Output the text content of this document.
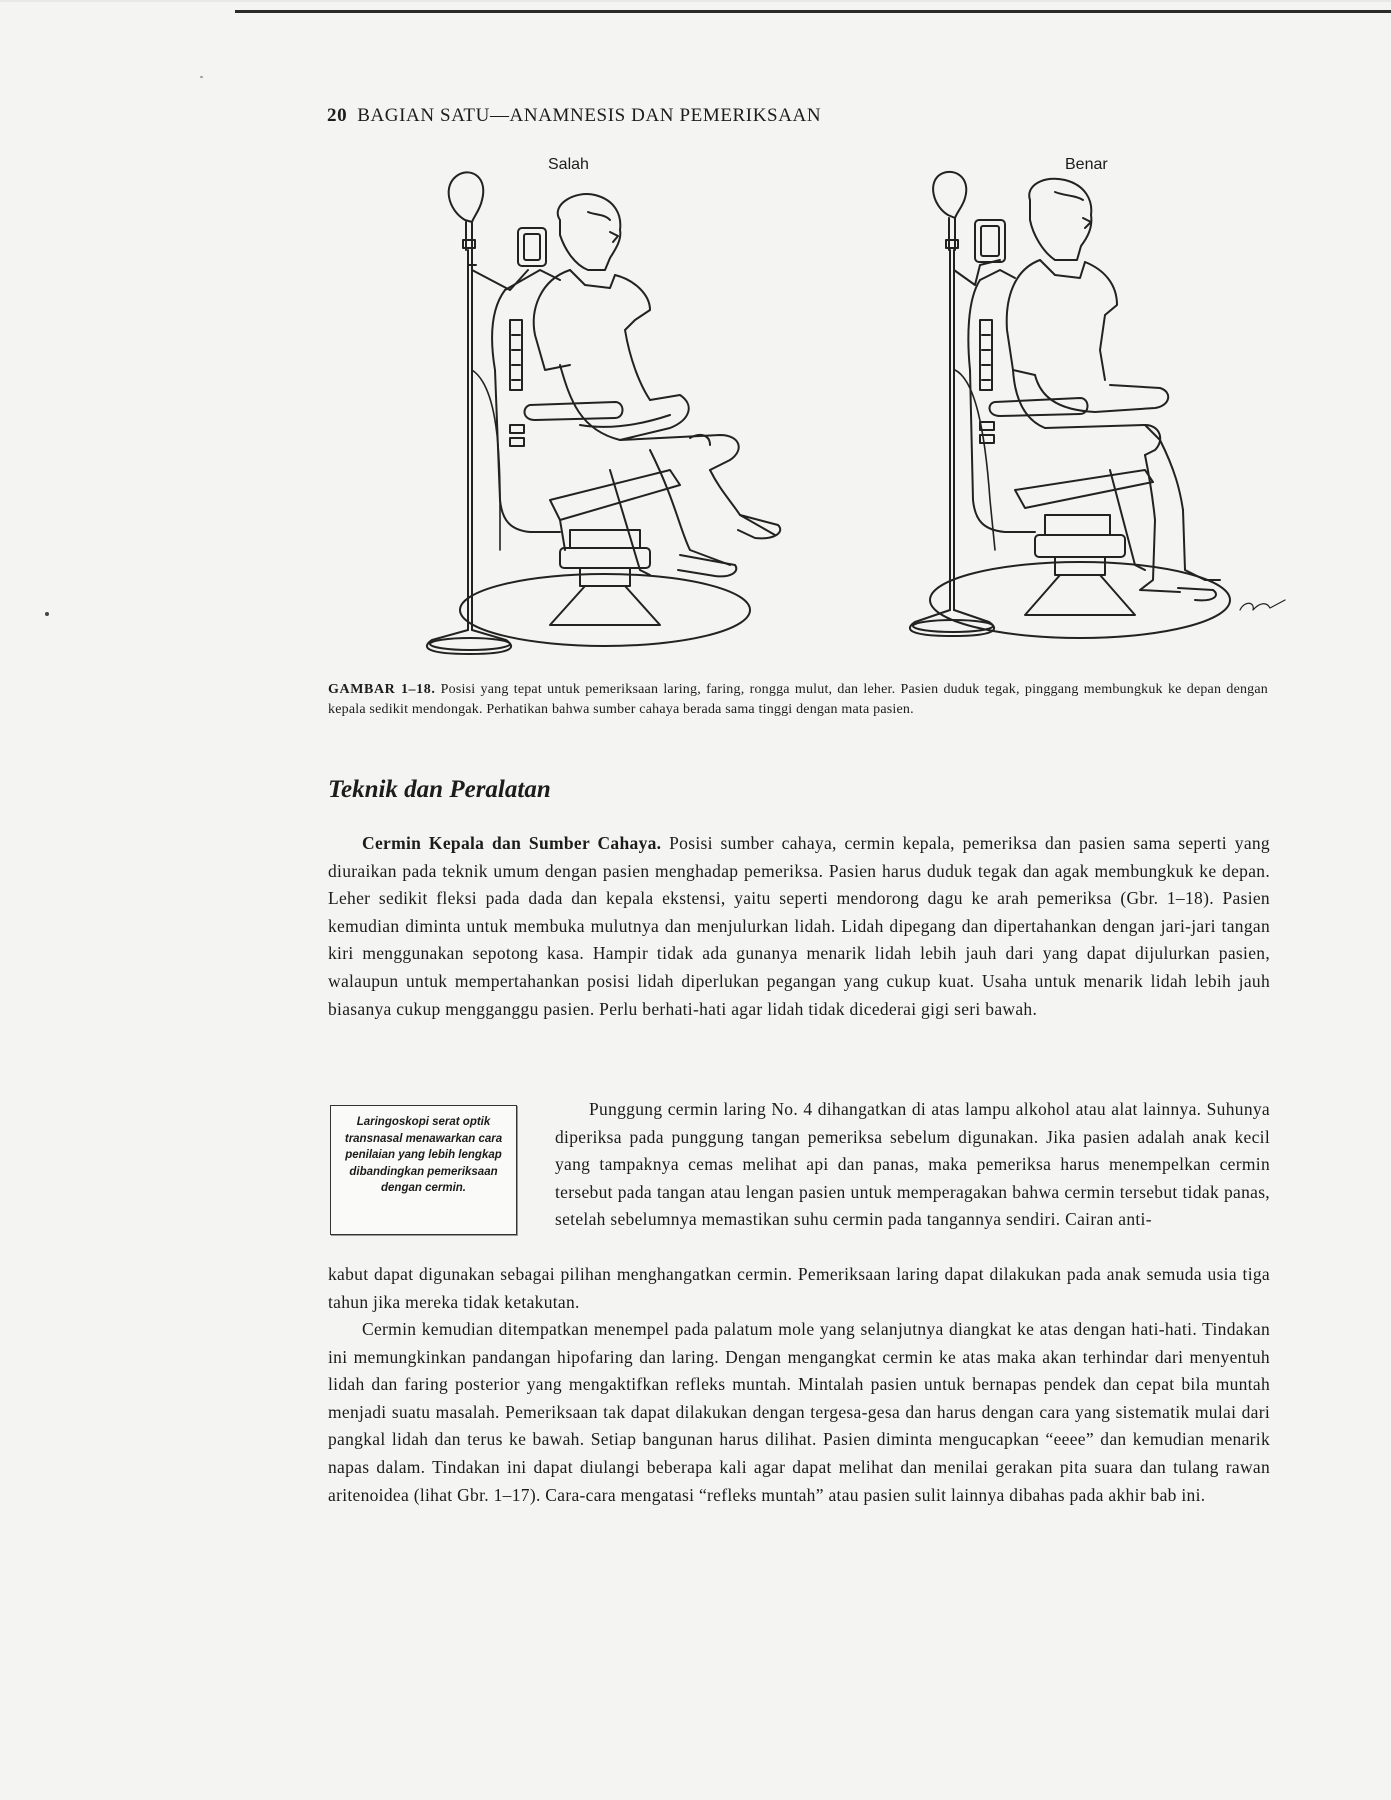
20 BAGIAN SATU—ANAMNESIS DAN PEMERIKSAAN
Salah	Benar
GAMBAR 1–18. Posisi yang tepat untuk pemeriksaan laring, faring, rongga mulut, dan leher. Pasien duduk tegak, pinggang membungkuk ke depan dengan kepala sedikit mendongak. Perhatikan bahwa sumber cahaya berada sama tinggi dengan mata pasien.
Teknik dan Peralatan

Cermin Kepala dan Sumber Cahaya. Posisi sumber cahaya, cermin kepala, pemeriksa dan pasien sama seperti yang diuraikan pada teknik umum dengan pasien menghadap pemeriksa. Pasien harus duduk tegak dan agak membungkuk ke depan. Leher sedikit fleksi pada dada dan kepala ekstensi, yaitu seperti mendorong dagu ke arah pemeriksa (Gbr. 1–18). Pasien kemudian diminta untuk membuka mulutnya dan menjulurkan lidah. Lidah dipegang dan dipertahankan dengan jari-jari tangan kiri menggunakan sepotong kasa. Hampir tidak ada gunanya menarik lidah lebih jauh dari yang dapat dijulurkan pasien, walaupun untuk mempertahankan posisi lidah diperlukan pegangan yang cukup kuat. Usaha untuk menarik lidah lebih jauh biasanya cukup mengganggu pasien. Perlu berhati-hati agar lidah tidak dicederai gigi seri bawah.

Laringoskopi serat optik transnasal menawarkan cara penilaian yang lebih lengkap dibandingkan pemeriksaan dengan cermin.

Punggung cermin laring No. 4 dihangatkan di atas lampu alkohol atau alat lainnya. Suhunya diperiksa pada punggung tangan pemeriksa sebelum digunakan. Jika pasien adalah anak kecil yang tampaknya cemas melihat api dan panas, maka pemeriksa harus menempelkan cermin tersebut pada tangan atau lengan pasien untuk memperagakan bahwa cermin tersebut tidak panas, setelah sebelumnya memastikan suhu cermin pada tangannya sendiri. Cairan anti-

kabut dapat digunakan sebagai pilihan menghangatkan cermin. Pemeriksaan laring dapat dilakukan pada anak semuda usia tiga tahun jika mereka tidak ketakutan.

Cermin kemudian ditempatkan menempel pada palatum mole yang selanjutnya diangkat ke atas dengan hati-hati. Tindakan ini memungkinkan pandangan hipofaring dan laring. Dengan mengangkat cermin ke atas maka akan terhindar dari menyentuh lidah dan faring posterior yang mengaktifkan refleks muntah. Mintalah pasien untuk bernapas pendek dan cepat bila muntah menjadi suatu masalah. Pemeriksaan tak dapat dilakukan dengan tergesa-gesa dan harus dengan cara yang sistematik mulai dari pangkal lidah dan terus ke bawah. Setiap bangunan harus dilihat. Pasien diminta mengucapkan “eeee” dan kemudian menarik napas dalam. Tindakan ini dapat diulangi beberapa kali agar dapat melihat dan menilai gerakan pita suara dan tulang rawan aritenoidea (lihat Gbr. 1–17). Cara-cara mengatasi “refleks muntah” atau pasien sulit lainnya dibahas pada akhir bab ini.
